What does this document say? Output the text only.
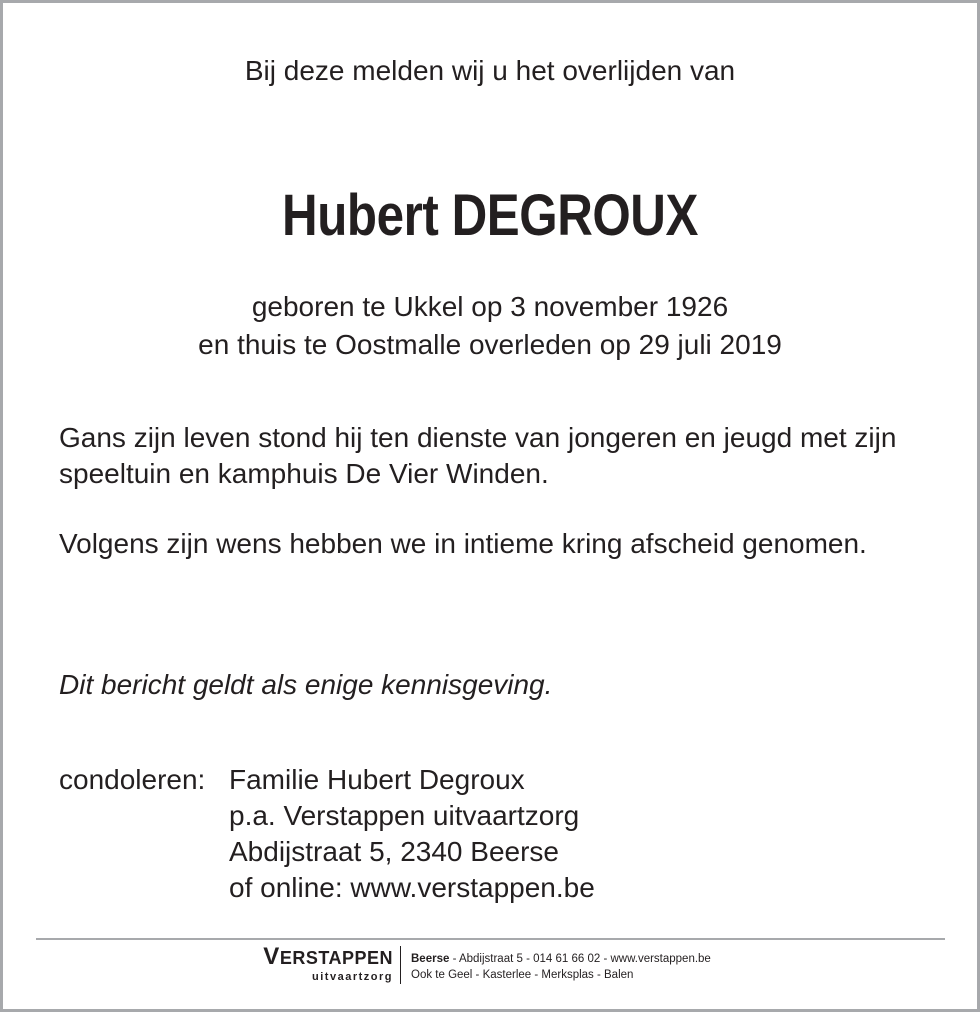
Bij deze melden wij u het overlijden van
Hubert DEGROUX
geboren te Ukkel op 3 november 1926
en thuis te Oostmalle overleden op 29 juli 2019
Gans zijn leven stond hij ten dienste van jongeren en jeugd met zijn speeltuin en kamphuis De Vier Winden.
Volgens zijn wens hebben we in intieme kring afscheid genomen.
Dit bericht geldt als enige kennisgeving.
condoleren: Familie Hubert Degroux
p.a. Verstappen uitvaartzorg
Abdijstraat 5, 2340 Beerse
of online: www.verstappen.be
VERSTAPPEN
uitvaartzorg
Beerse - Abdijstraat 5 - 014 61 66 02 - www.verstappen.be
Ook te Geel - Kasterlee - Merksplas - Balen
